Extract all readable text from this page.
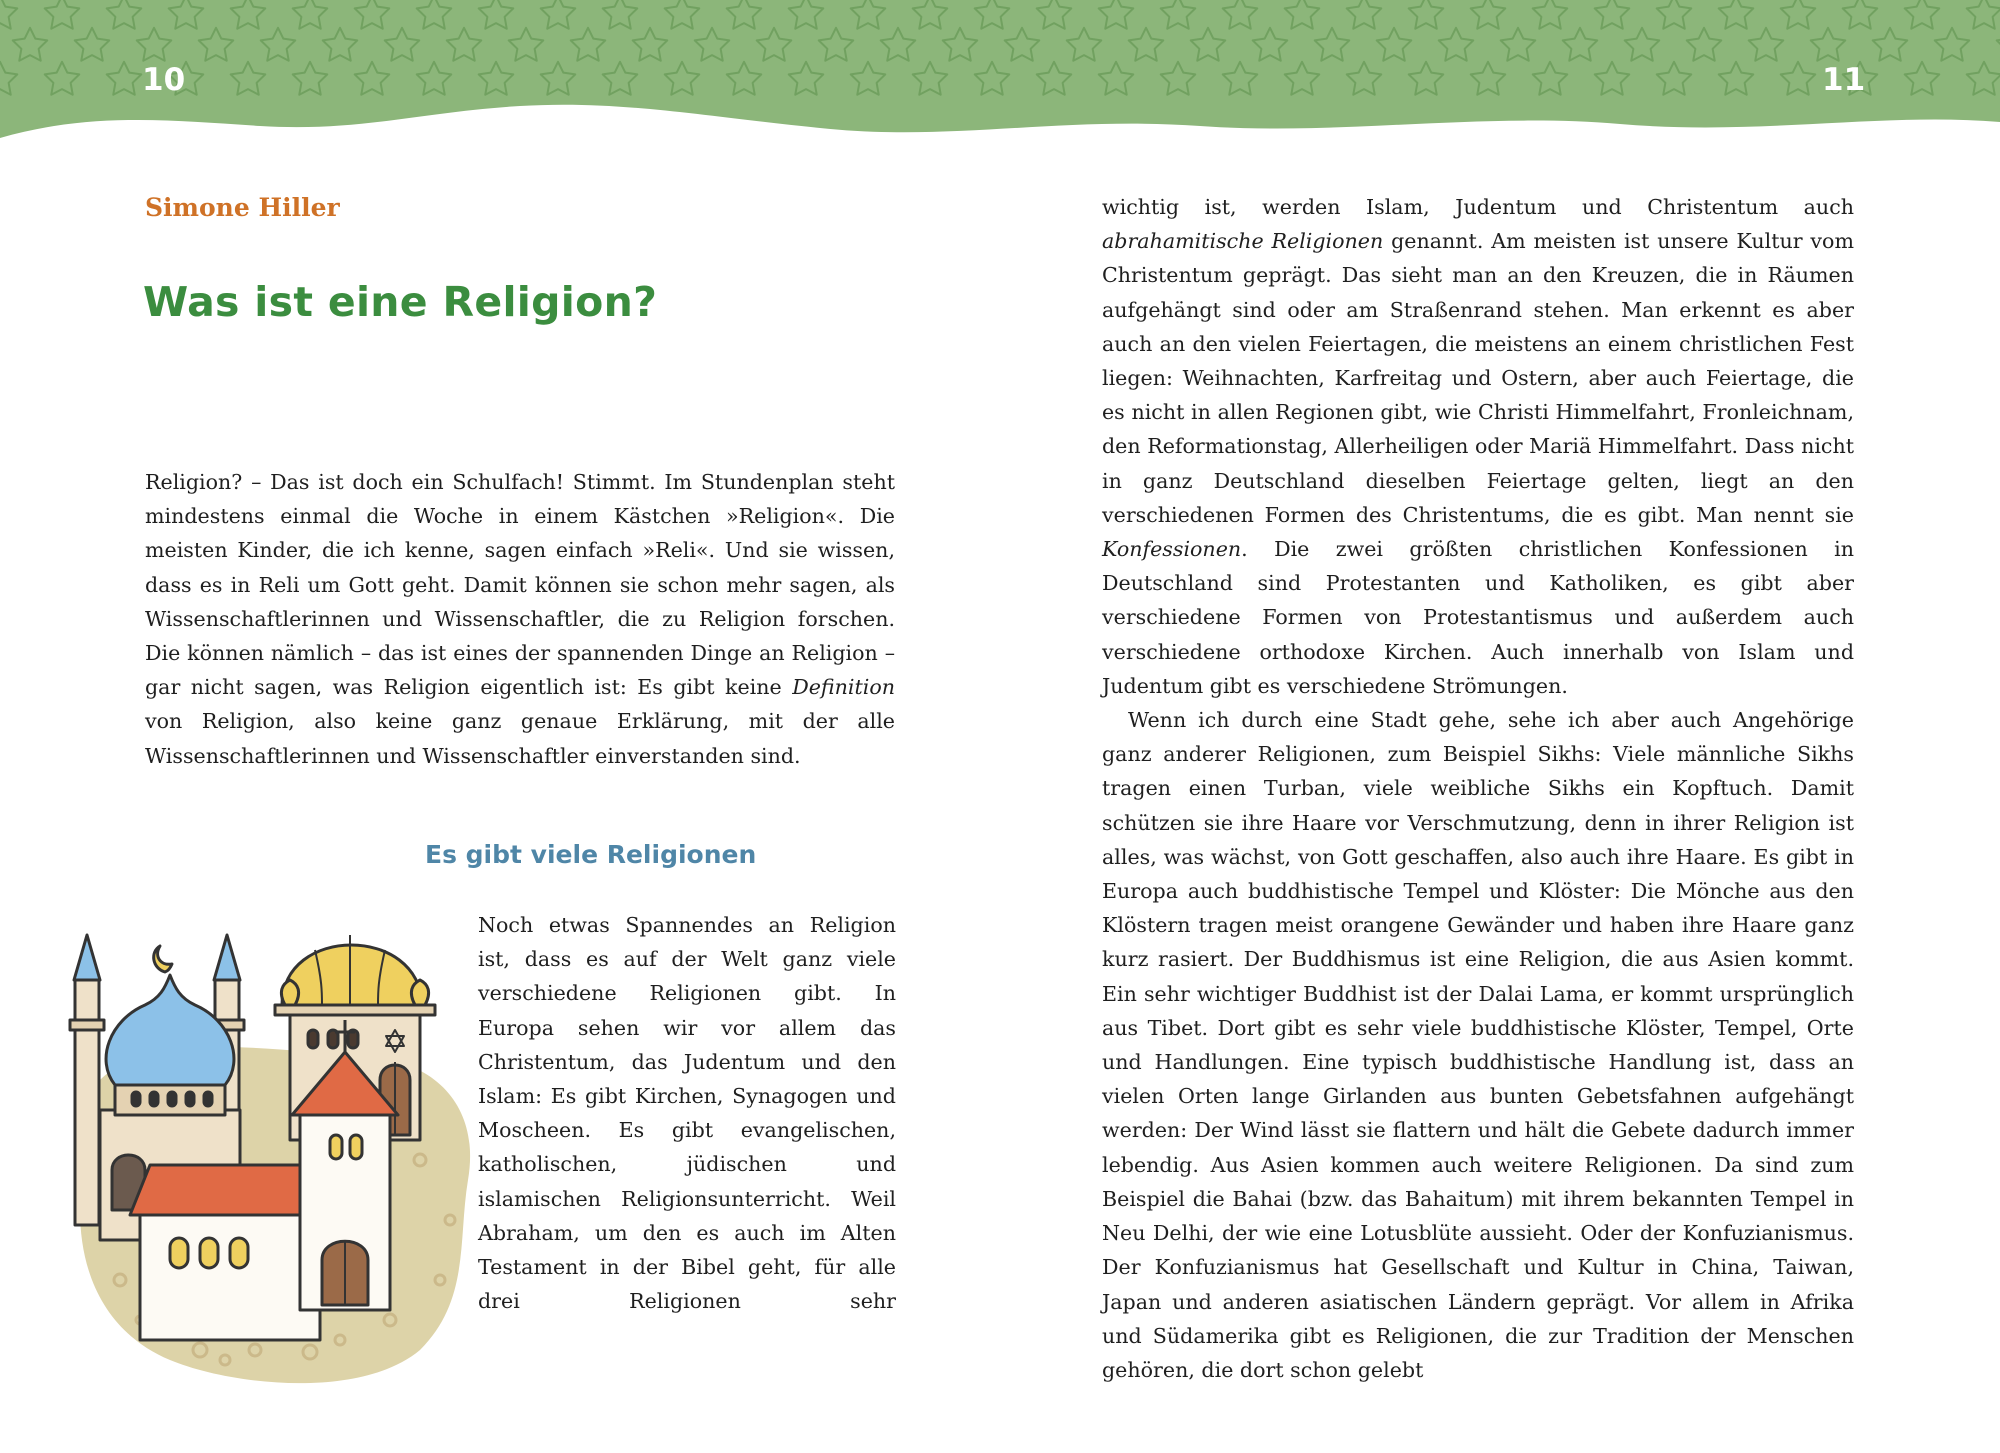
10	11
Simone Hiller
Was ist eine Religion?

Religion? – Das ist doch ein Schulfach! Stimmt. Im Stundenplan steht mindestens einmal die Woche in einem Kästchen »Religion«. Die meisten Kinder, die ich kenne, sagen einfach »Reli«. Und sie wissen, dass es in Reli um Gott geht. Damit können sie schon mehr sagen, als Wissenschaftlerinnen und Wissenschaftler, die zu Religion forschen. Die können nämlich – das ist eines der spannenden Dinge an Religion – gar nicht sagen, was Religion eigentlich ist: Es gibt keine Definition von Religion, also keine ganz genaue Erklärung, mit der alle Wissenschaftlerinnen und Wissenschaftler einverstanden sind.

Es gibt viele Religionen

Noch etwas Spannendes an Religion ist, dass es auf der Welt ganz viele verschiedene Religionen gibt. In Europa sehen wir vor allem das Christentum, das Judentum und den Islam: Es gibt Kirchen, Synagogen und Moscheen. Es gibt evangelischen, katholischen, jüdischen und islamischen Religionsunterricht. Weil Abraham, um den es auch im Alten Testament in der Bibel geht, für alle drei Religionen sehr

wichtig ist, werden Islam, Judentum und Christentum auch abrahamitische Religionen genannt. Am meisten ist unsere Kultur vom Christentum geprägt. Das sieht man an den Kreuzen, die in Räumen aufgehängt sind oder am Straßenrand stehen. Man erkennt es aber auch an den vielen Feiertagen, die meistens an einem christlichen Fest liegen: Weihnachten, Karfreitag und Ostern, aber auch Feiertage, die es nicht in allen Regionen gibt, wie Christi Himmelfahrt, Fronleichnam, den Reformationstag, Allerheiligen oder Mariä Himmelfahrt. Dass nicht in ganz Deutschland dieselben Feiertage gelten, liegt an den verschiedenen Formen des Christentums, die es gibt. Man nennt sie Konfessionen. Die zwei größten christlichen Konfessionen in Deutschland sind Protestanten und Katholiken, es gibt aber verschiedene Formen von Protestantismus und außerdem auch verschiedene orthodoxe Kirchen. Auch innerhalb von Islam und Judentum gibt es verschiedene Strömungen.

Wenn ich durch eine Stadt gehe, sehe ich aber auch Angehörige ganz anderer Religionen, zum Beispiel Sikhs: Viele männliche Sikhs tragen einen Turban, viele weibliche Sikhs ein Kopftuch. Damit schützen sie ihre Haare vor Verschmutzung, denn in ihrer Religion ist alles, was wächst, von Gott geschaffen, also auch ihre Haare. Es gibt in Europa auch buddhistische Tempel und Klöster: Die Mönche aus den Klöstern tragen meist orangene Gewänder und haben ihre Haare ganz kurz rasiert. Der Buddhismus ist eine Religion, die aus Asien kommt. Ein sehr wichtiger Buddhist ist der Dalai Lama, er kommt ursprünglich aus Tibet. Dort gibt es sehr viele buddhistische Klöster, Tempel, Orte und Handlungen. Eine typisch buddhistische Handlung ist, dass an vielen Orten lange Girlanden aus bunten Gebetsfahnen aufgehängt werden: Der Wind lässt sie flattern und hält die Gebete dadurch immer lebendig. Aus Asien kommen auch weitere Religionen. Da sind zum Beispiel die Bahai (bzw. das Bahaitum) mit ihrem bekannten Tempel in Neu Delhi, der wie eine Lotusblüte aussieht. Oder der Konfuzianismus. Der Konfuzianismus hat Gesellschaft und Kultur in China, Taiwan, Japan und anderen asiatischen Ländern geprägt. Vor allem in Afrika und Südamerika gibt es Religionen, die zur Tradition der Menschen gehören, die dort schon gelebt
